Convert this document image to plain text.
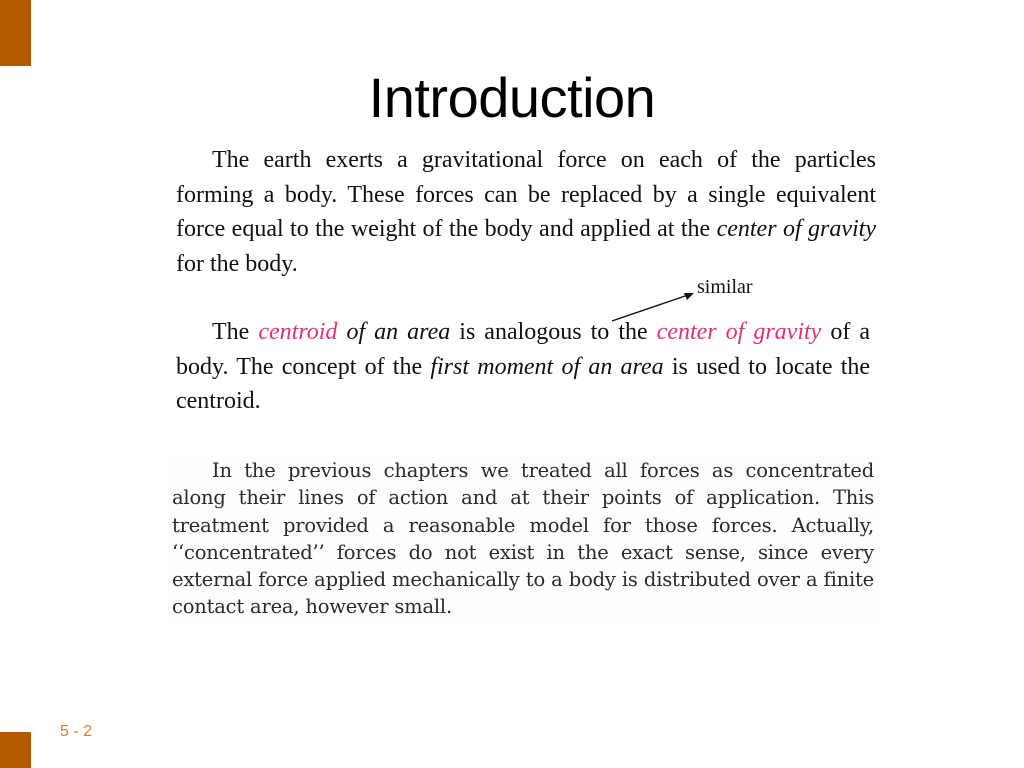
Introduction
The earth exerts a gravitational force on each of the particles forming a body. These forces can be replaced by a single equivalent force equal to the weight of the body and applied at the center of gravity for the body.
similar
The centroid of an area is analogous to the center of gravity of a body. The concept of the first moment of an area is used to locate the centroid.
In the previous chapters we treated all forces as concentrated along their lines of action and at their points of application. This treatment provided a reasonable model for those forces. Actually, ‘‘concentrated’’ forces do not exist in the exact sense, since every external force applied mechanically to a body is distributed over a finite contact area, however small.
5 - 2
